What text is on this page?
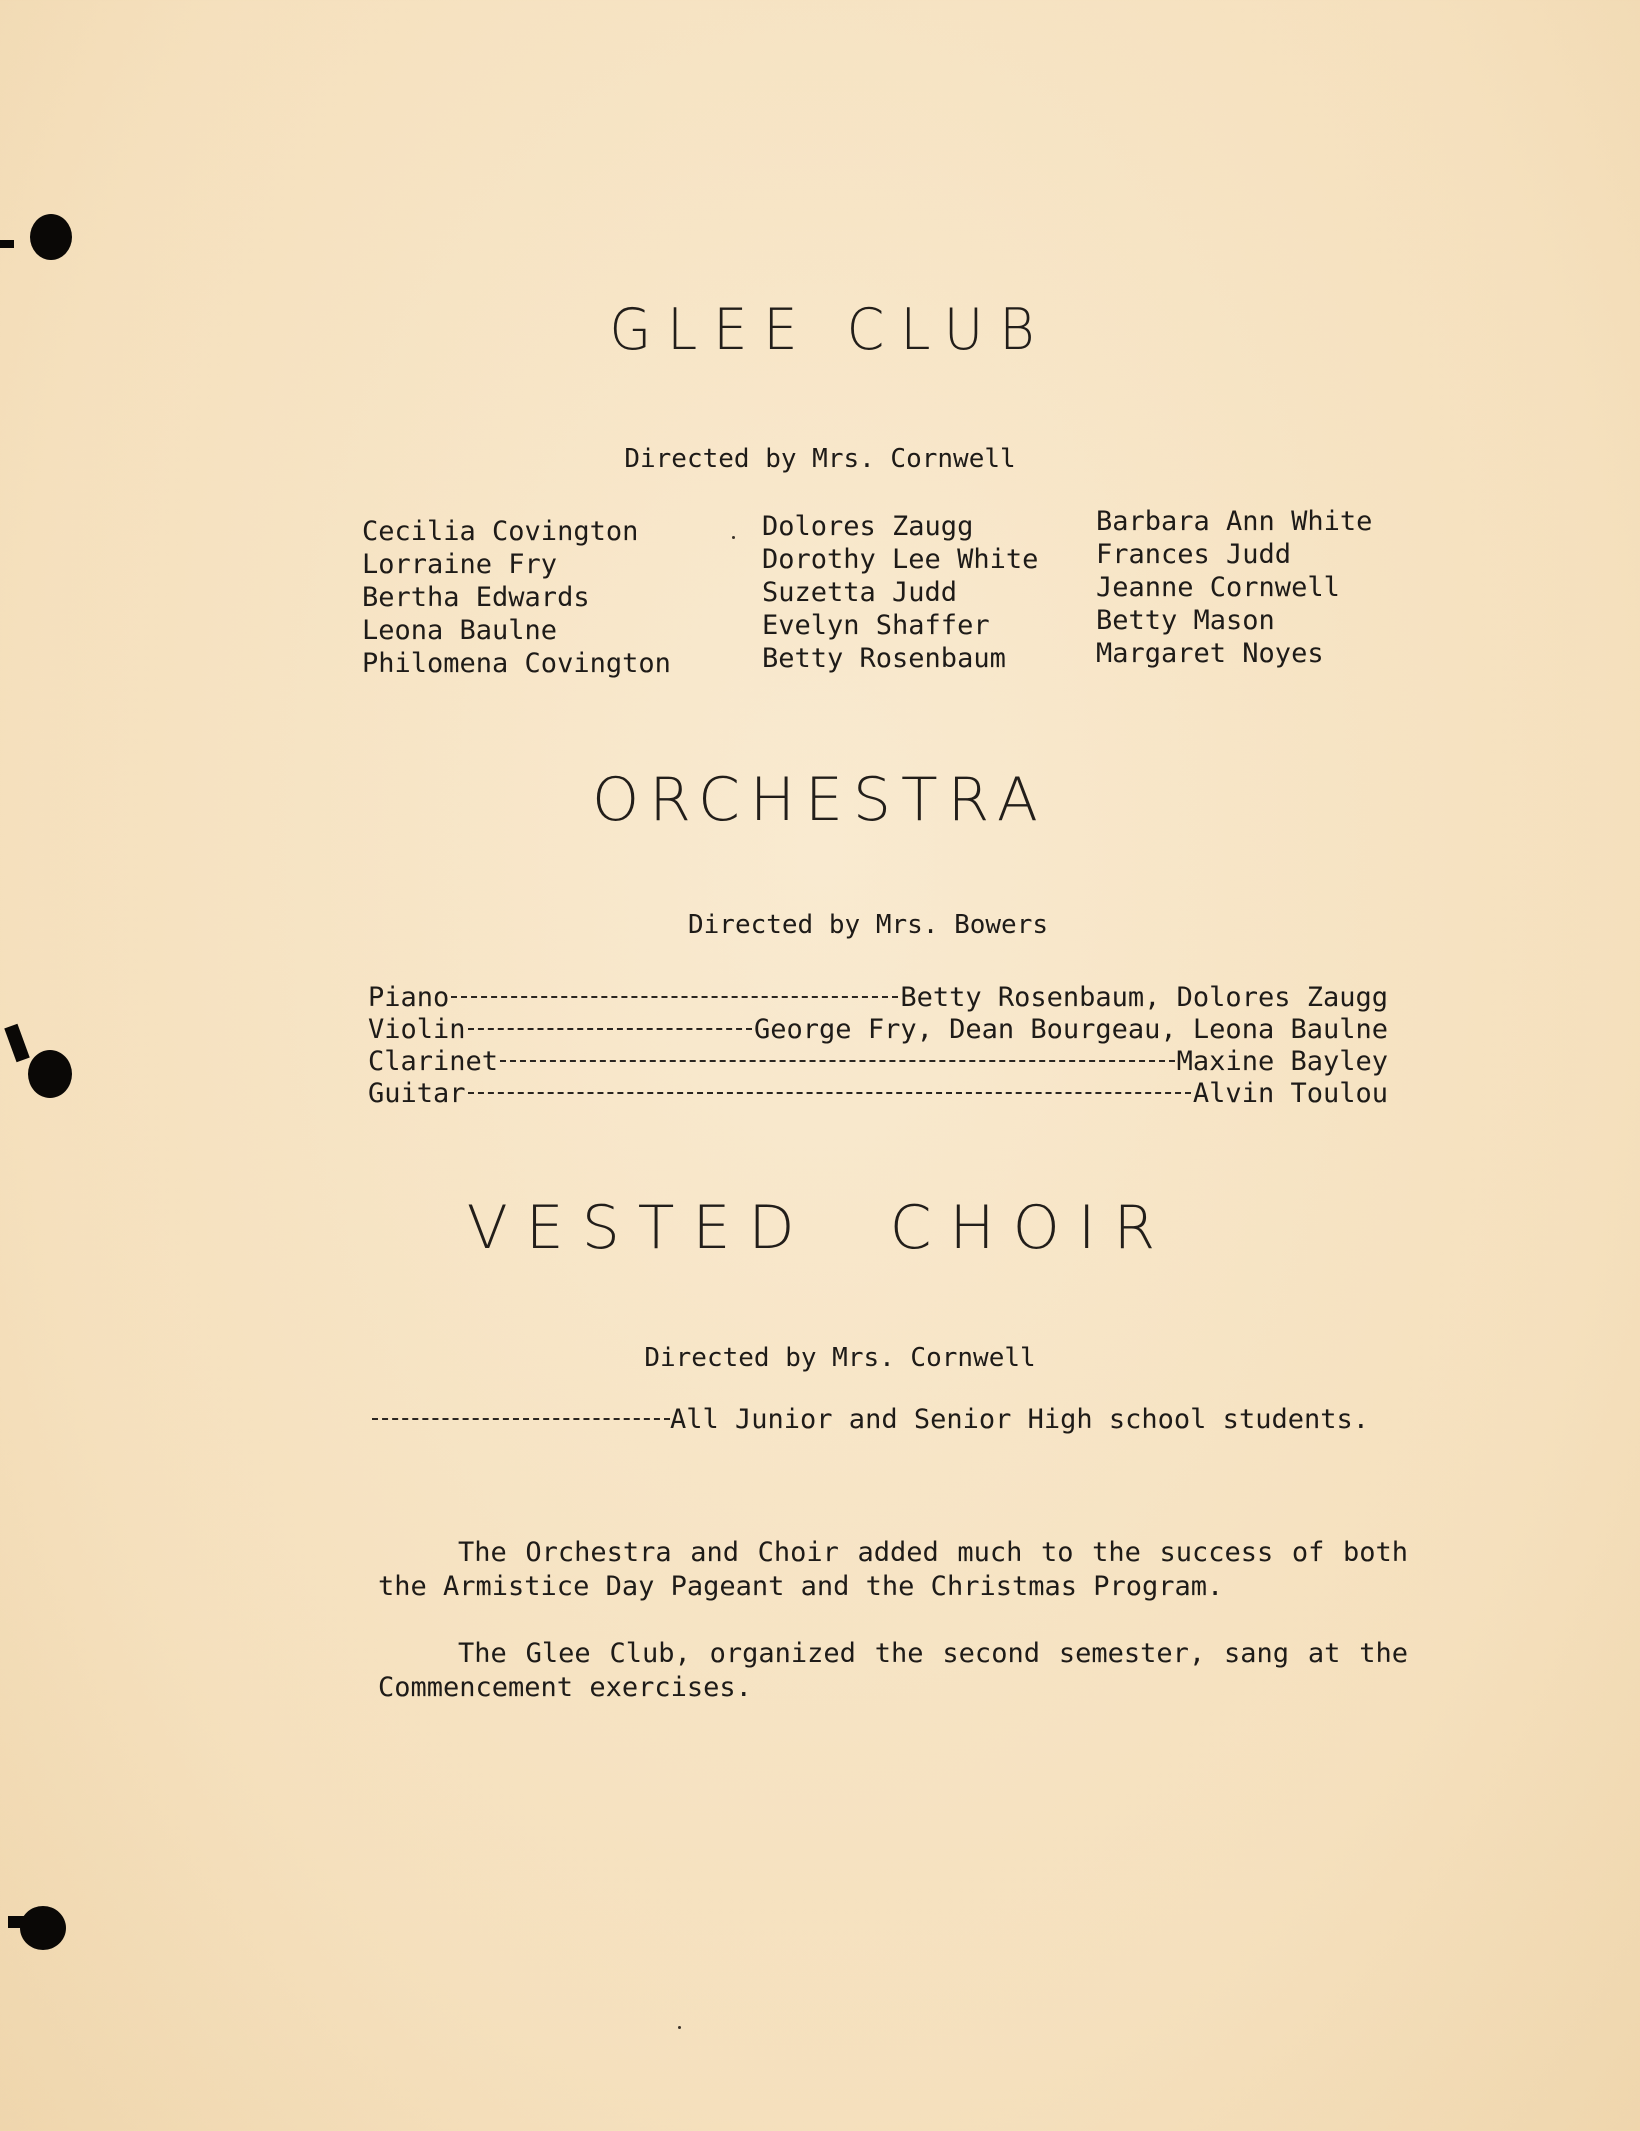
GLEE CLUB
Directed by Mrs. Cornwell
Cecilia Covington
Lorraine Fry
Bertha Edwards
Leona Baulne
Philomena Covington
Dolores Zaugg
Dorothy Lee White
Suzetta Judd
Evelyn Shaffer
Betty Rosenbaum
Barbara Ann White
Frances Judd
Jeanne Cornwell
Betty Mason
Margaret Noyes
ORCHESTRA
Directed by Mrs. Bowers
Piano	Betty Rosenbaum, Dolores Zaugg
Violin	George Fry, Dean Bourgeau, Leona Baulne
Clarinet	Maxine Bayley
Guitar	Alvin Toulou
VESTED CHOIR
Directed by Mrs. Cornwell
All Junior and Senior High school students.

The Orchestra and Choir added much to the success of both the Armistice Day Pageant and the Christmas Program.

The Glee Club, organized the second semester, sang at the Commencement exercises.
